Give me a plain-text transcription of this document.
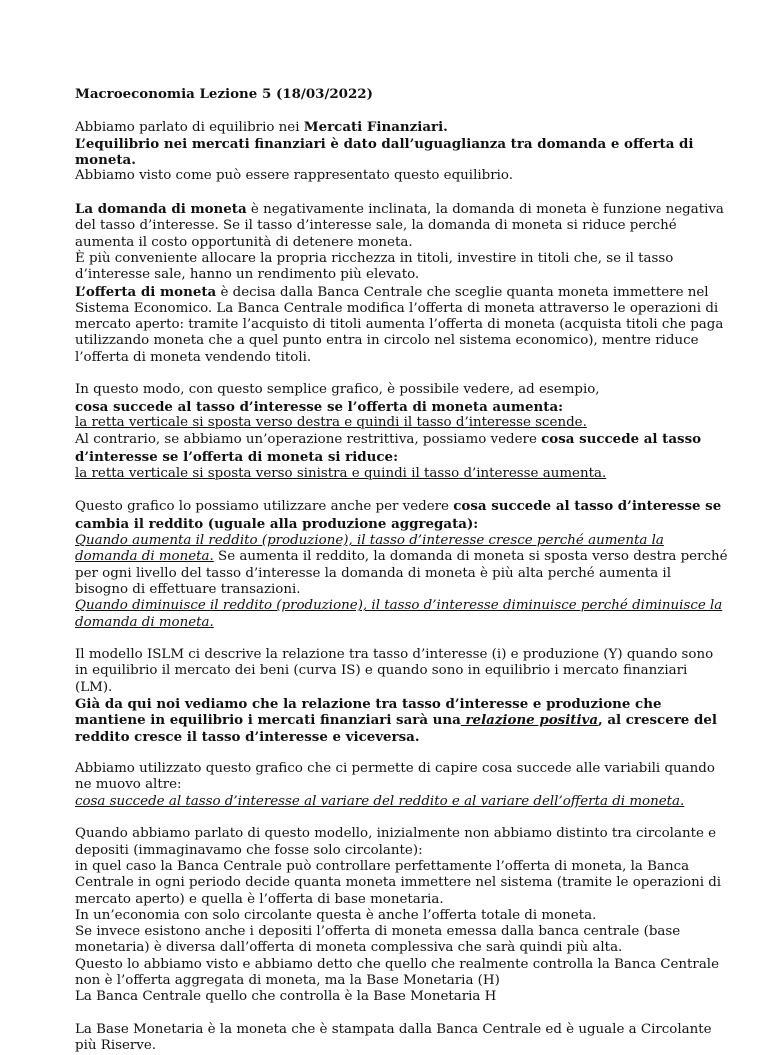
Macroeconomia Lezione 5 (18/03/2022)

Abbiamo parlato di equilibrio nei Mercati Finanziari.

L’equilibrio nei mercati finanziari è dato dall’uguaglianza tra domanda e offerta di moneta.

Abbiamo visto come può essere rappresentato questo equilibrio.

La domanda di moneta è negativamente inclinata, la domanda di moneta è funzione negativa del tasso d’interesse. Se il tasso d’interesse sale, la domanda di moneta si riduce perché aumenta il costo opportunità di detenere moneta.

È più conveniente allocare la propria ricchezza in titoli, investire in titoli che, se il tasso d’interesse sale, hanno un rendimento più elevato.

L’offerta di moneta è decisa dalla Banca Centrale che sceglie quanta moneta immettere nel Sistema Economico. La Banca Centrale modifica l’offerta di moneta attraverso le operazioni di mercato aperto: tramite l’acquisto di titoli aumenta l’offerta di moneta (acquista titoli che paga utilizzando moneta che a quel punto entra in circolo nel sistema economico), mentre riduce l’offerta di moneta vendendo titoli.

In questo modo, con questo semplice grafico, è possibile vedere, ad esempio,

cosa succede al tasso d’interesse se l’offerta di moneta aumenta:

la retta verticale si sposta verso destra e quindi il tasso d’interesse scende.

Al contrario, se abbiamo un’operazione restrittiva, possiamo vedere cosa succede al tasso d’interesse se l’offerta di moneta si riduce:

la retta verticale si sposta verso sinistra e quindi il tasso d’interesse aumenta.

Questo grafico lo possiamo utilizzare anche per vedere cosa succede al tasso d’interesse se cambia il reddito (uguale alla produzione aggregata):

Quando aumenta il reddito (produzione), il tasso d’interesse cresce perché aumenta la domanda di moneta. Se aumenta il reddito, la domanda di moneta si sposta verso destra perché per ogni livello del tasso d’interesse la domanda di moneta è più alta perché aumenta il bisogno di effettuare transazioni.

Quando diminuisce il reddito (produzione), il tasso d’interesse diminuisce perché diminuisce la domanda di moneta.

Il modello ISLM ci descrive la relazione tra tasso d’interesse (i) e produzione (Y) quando sono in equilibrio il mercato dei beni (curva IS) e quando sono in equilibrio i mercato finanziari (LM).

Già da qui noi vediamo che la relazione tra tasso d’interesse e produzione che mantiene in equilibrio i mercati finanziari sarà una relazione positiva, al crescere del reddito cresce il tasso d’interesse e viceversa.

Abbiamo utilizzato questo grafico che ci permette di capire cosa succede alle variabili quando ne muovo altre:

cosa succede al tasso d’interesse al variare del reddito e al variare dell’offerta di moneta.

Quando abbiamo parlato di questo modello, inizialmente non abbiamo distinto tra circolante e depositi (immaginavamo che fosse solo circolante):

in quel caso la Banca Centrale può controllare perfettamente l’offerta di moneta, la Banca Centrale in ogni periodo decide quanta moneta immettere nel sistema (tramite le operazioni di mercato aperto) e quella è l’offerta di base monetaria.

In un’economia con solo circolante questa è anche l’offerta totale di moneta.

Se invece esistono anche i depositi l’offerta di moneta emessa dalla banca centrale (base monetaria) è diversa dall’offerta di moneta complessiva che sarà quindi più alta.

Questo lo abbiamo visto e abbiamo detto che quello che realmente controlla la Banca Centrale non è l’offerta aggregata di moneta, ma la Base Monetaria (H)

La Banca Centrale quello che controlla è la Base Monetaria H

La Base Monetaria è la moneta che è stampata dalla Banca Centrale ed è uguale a Circolante più Riserve.
